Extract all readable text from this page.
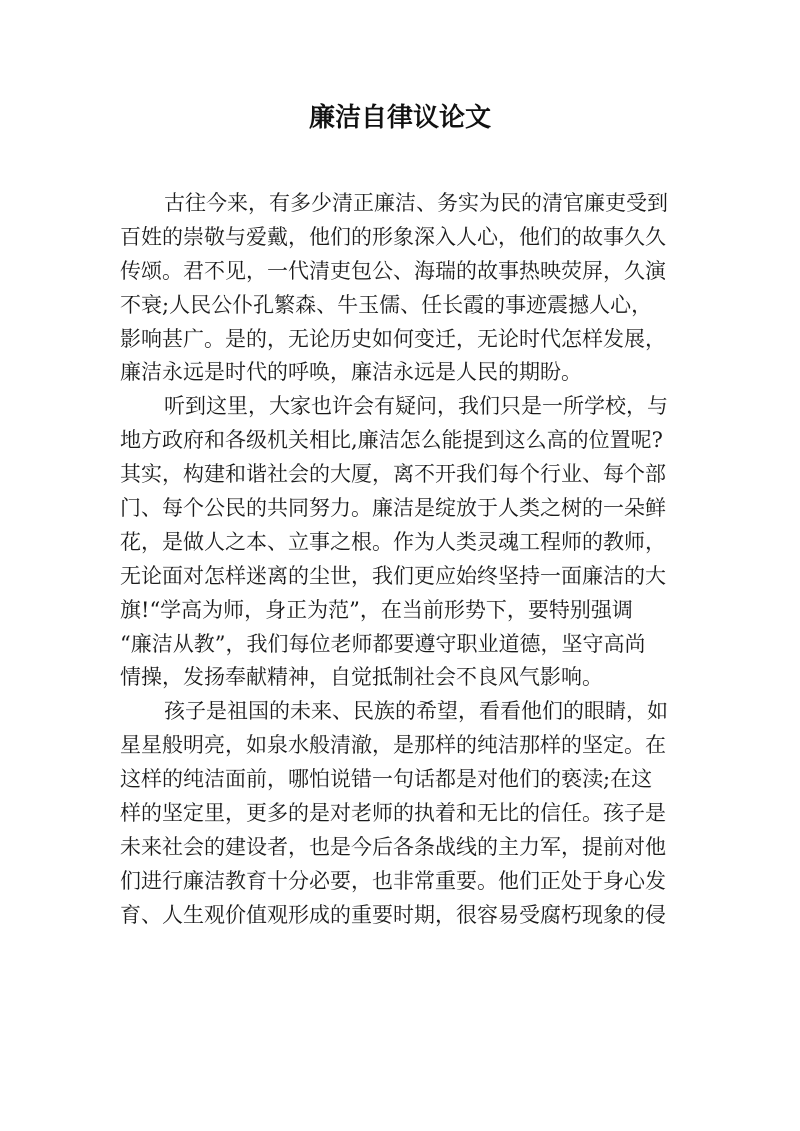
廉洁自律议论文
古往今来，有多少清正廉洁、务实为民的清官廉吏受到
百姓的崇敬与爱戴，他们的形象深入人心，他们的故事久久
传颂。君不见，一代清吏包公、海瑞的故事热映荧屏，久演
不衰;人民公仆孔繁森、牛玉儒、任长霞的事迹震撼人心，
影响甚广。是的，无论历史如何变迁，无论时代怎样发展，
廉洁永远是时代的呼唤，廉洁永远是人民的期盼。
听到这里，大家也许会有疑问，我们只是一所学校，与
地方政府和各级机关相比,廉洁怎么能提到这么高的位置呢?
其实，构建和谐社会的大厦，离不开我们每个行业、每个部
门、每个公民的共同努力。廉洁是绽放于人类之树的一朵鲜
花，是做人之本、立事之根。作为人类灵魂工程师的教师，
无论面对怎样迷离的尘世，我们更应始终坚持一面廉洁的大
旗!“学高为师，身正为范”，在当前形势下，要特别强调
“廉洁从教”，我们每位老师都要遵守职业道德，坚守高尚
情操，发扬奉献精神，自觉抵制社会不良风气影响。
孩子是祖国的未来、民族的希望，看看他们的眼睛，如
星星般明亮，如泉水般清澈，是那样的纯洁那样的坚定。在
这样的纯洁面前，哪怕说错一句话都是对他们的亵渎;在这
样的坚定里，更多的是对老师的执着和无比的信任。孩子是
未来社会的建设者，也是今后各条战线的主力军，提前对他
们进行廉洁教育十分必要，也非常重要。他们正处于身心发
育、人生观价值观形成的重要时期，很容易受腐朽现象的侵
